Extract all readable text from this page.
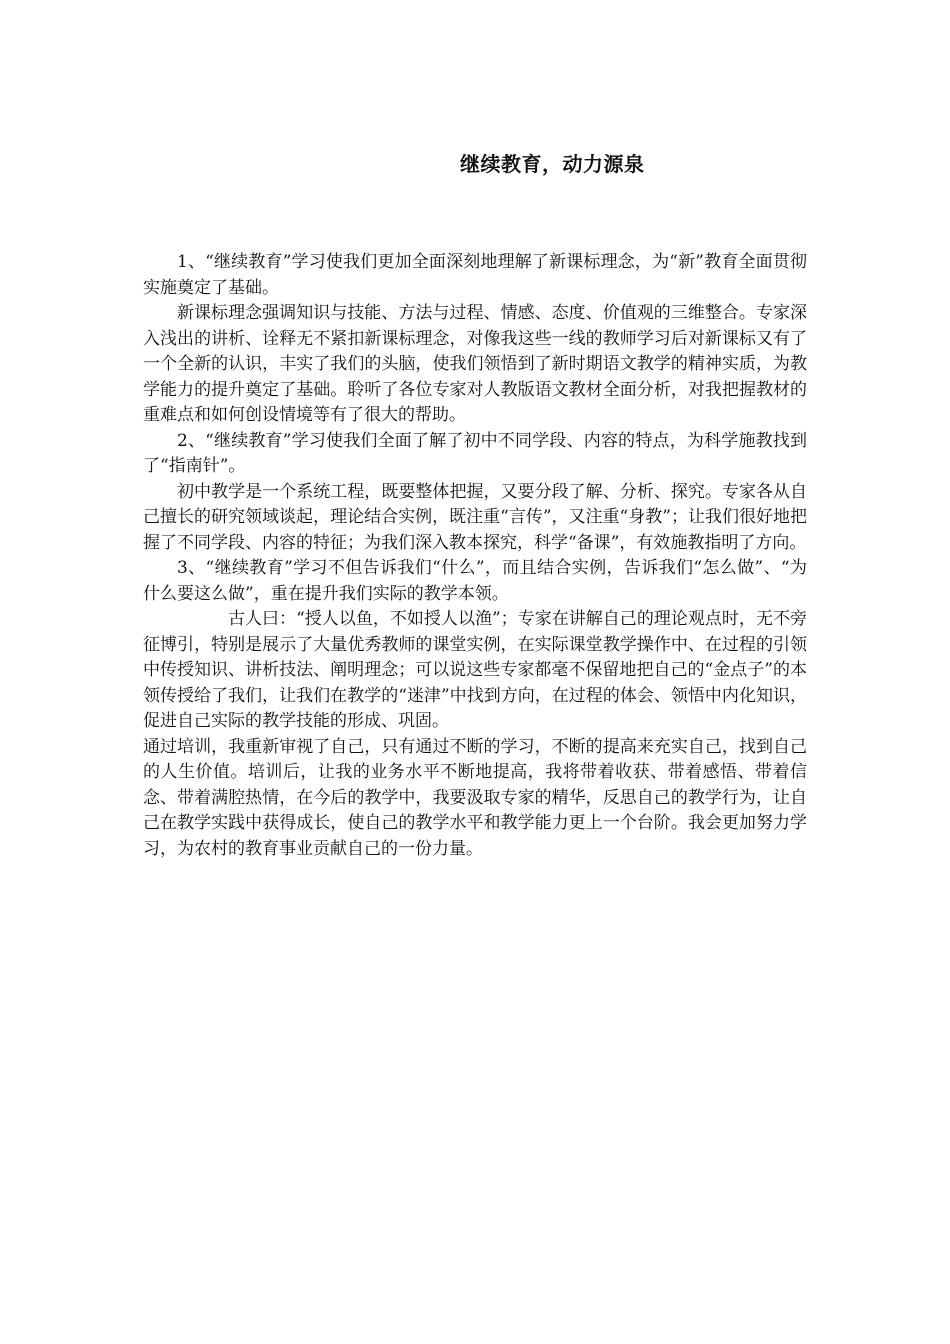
继续教育，动力源泉

1、“继续教育”学习使我们更加全面深刻地理解了新课标理念，为“新”教育全面贯彻实施奠定了基础。

新课标理念强调知识与技能、方法与过程、情感、态度、价值观的三维整合。专家深入浅出的讲析、诠释无不紧扣新课标理念，对像我这些一线的教师学习后对新课标又有了一个全新的认识，丰实了我们的头脑，使我们领悟到了新时期语文教学的精神实质，为教学能力的提升奠定了基础。聆听了各位专家对人教版语文教材全面分析，对我把握教材的重难点和如何创设情境等有了很大的帮助。

2、“继续教育”学习使我们全面了解了初中不同学段、内容的特点，为科学施教找到了“指南针”。

初中教学是一个系统工程，既要整体把握，又要分段了解、分析、探究。专家各从自己擅长的研究领域谈起，理论结合实例，既注重“言传”，又注重“身教”；让我们很好地把握了不同学段、内容的特征；为我们深入教本探究，科学“备课”，有效施教指明了方向。

3、“继续教育”学习不但告诉我们“什么”，而且结合实例，告诉我们“怎么做”、“为什么要这么做”，重在提升我们实际的教学本领。

古人曰：“授人以鱼，不如授人以渔”；专家在讲解自己的理论观点时，无不旁征博引，特别是展示了大量优秀教师的课堂实例，在实际课堂教学操作中、在过程的引领中传授知识、讲析技法、阐明理念；可以说这些专家都毫不保留地把自己的“金点子”的本领传授给了我们，让我们在教学的“迷津”中找到方向，在过程的体会、领悟中内化知识，促进自己实际的教学技能的形成、巩固。

通过培训，我重新审视了自己，只有通过不断的学习，不断的提高来充实自己，找到自己的人生价值。培训后，让我的业务水平不断地提高，我将带着收获、带着感悟、带着信念、带着满腔热情，在今后的教学中，我要汲取专家的精华，反思自己的教学行为，让自己在教学实践中获得成长，使自己的教学水平和教学能力更上一个台阶。我会更加努力学习，为农村的教育事业贡献自己的一份力量。
